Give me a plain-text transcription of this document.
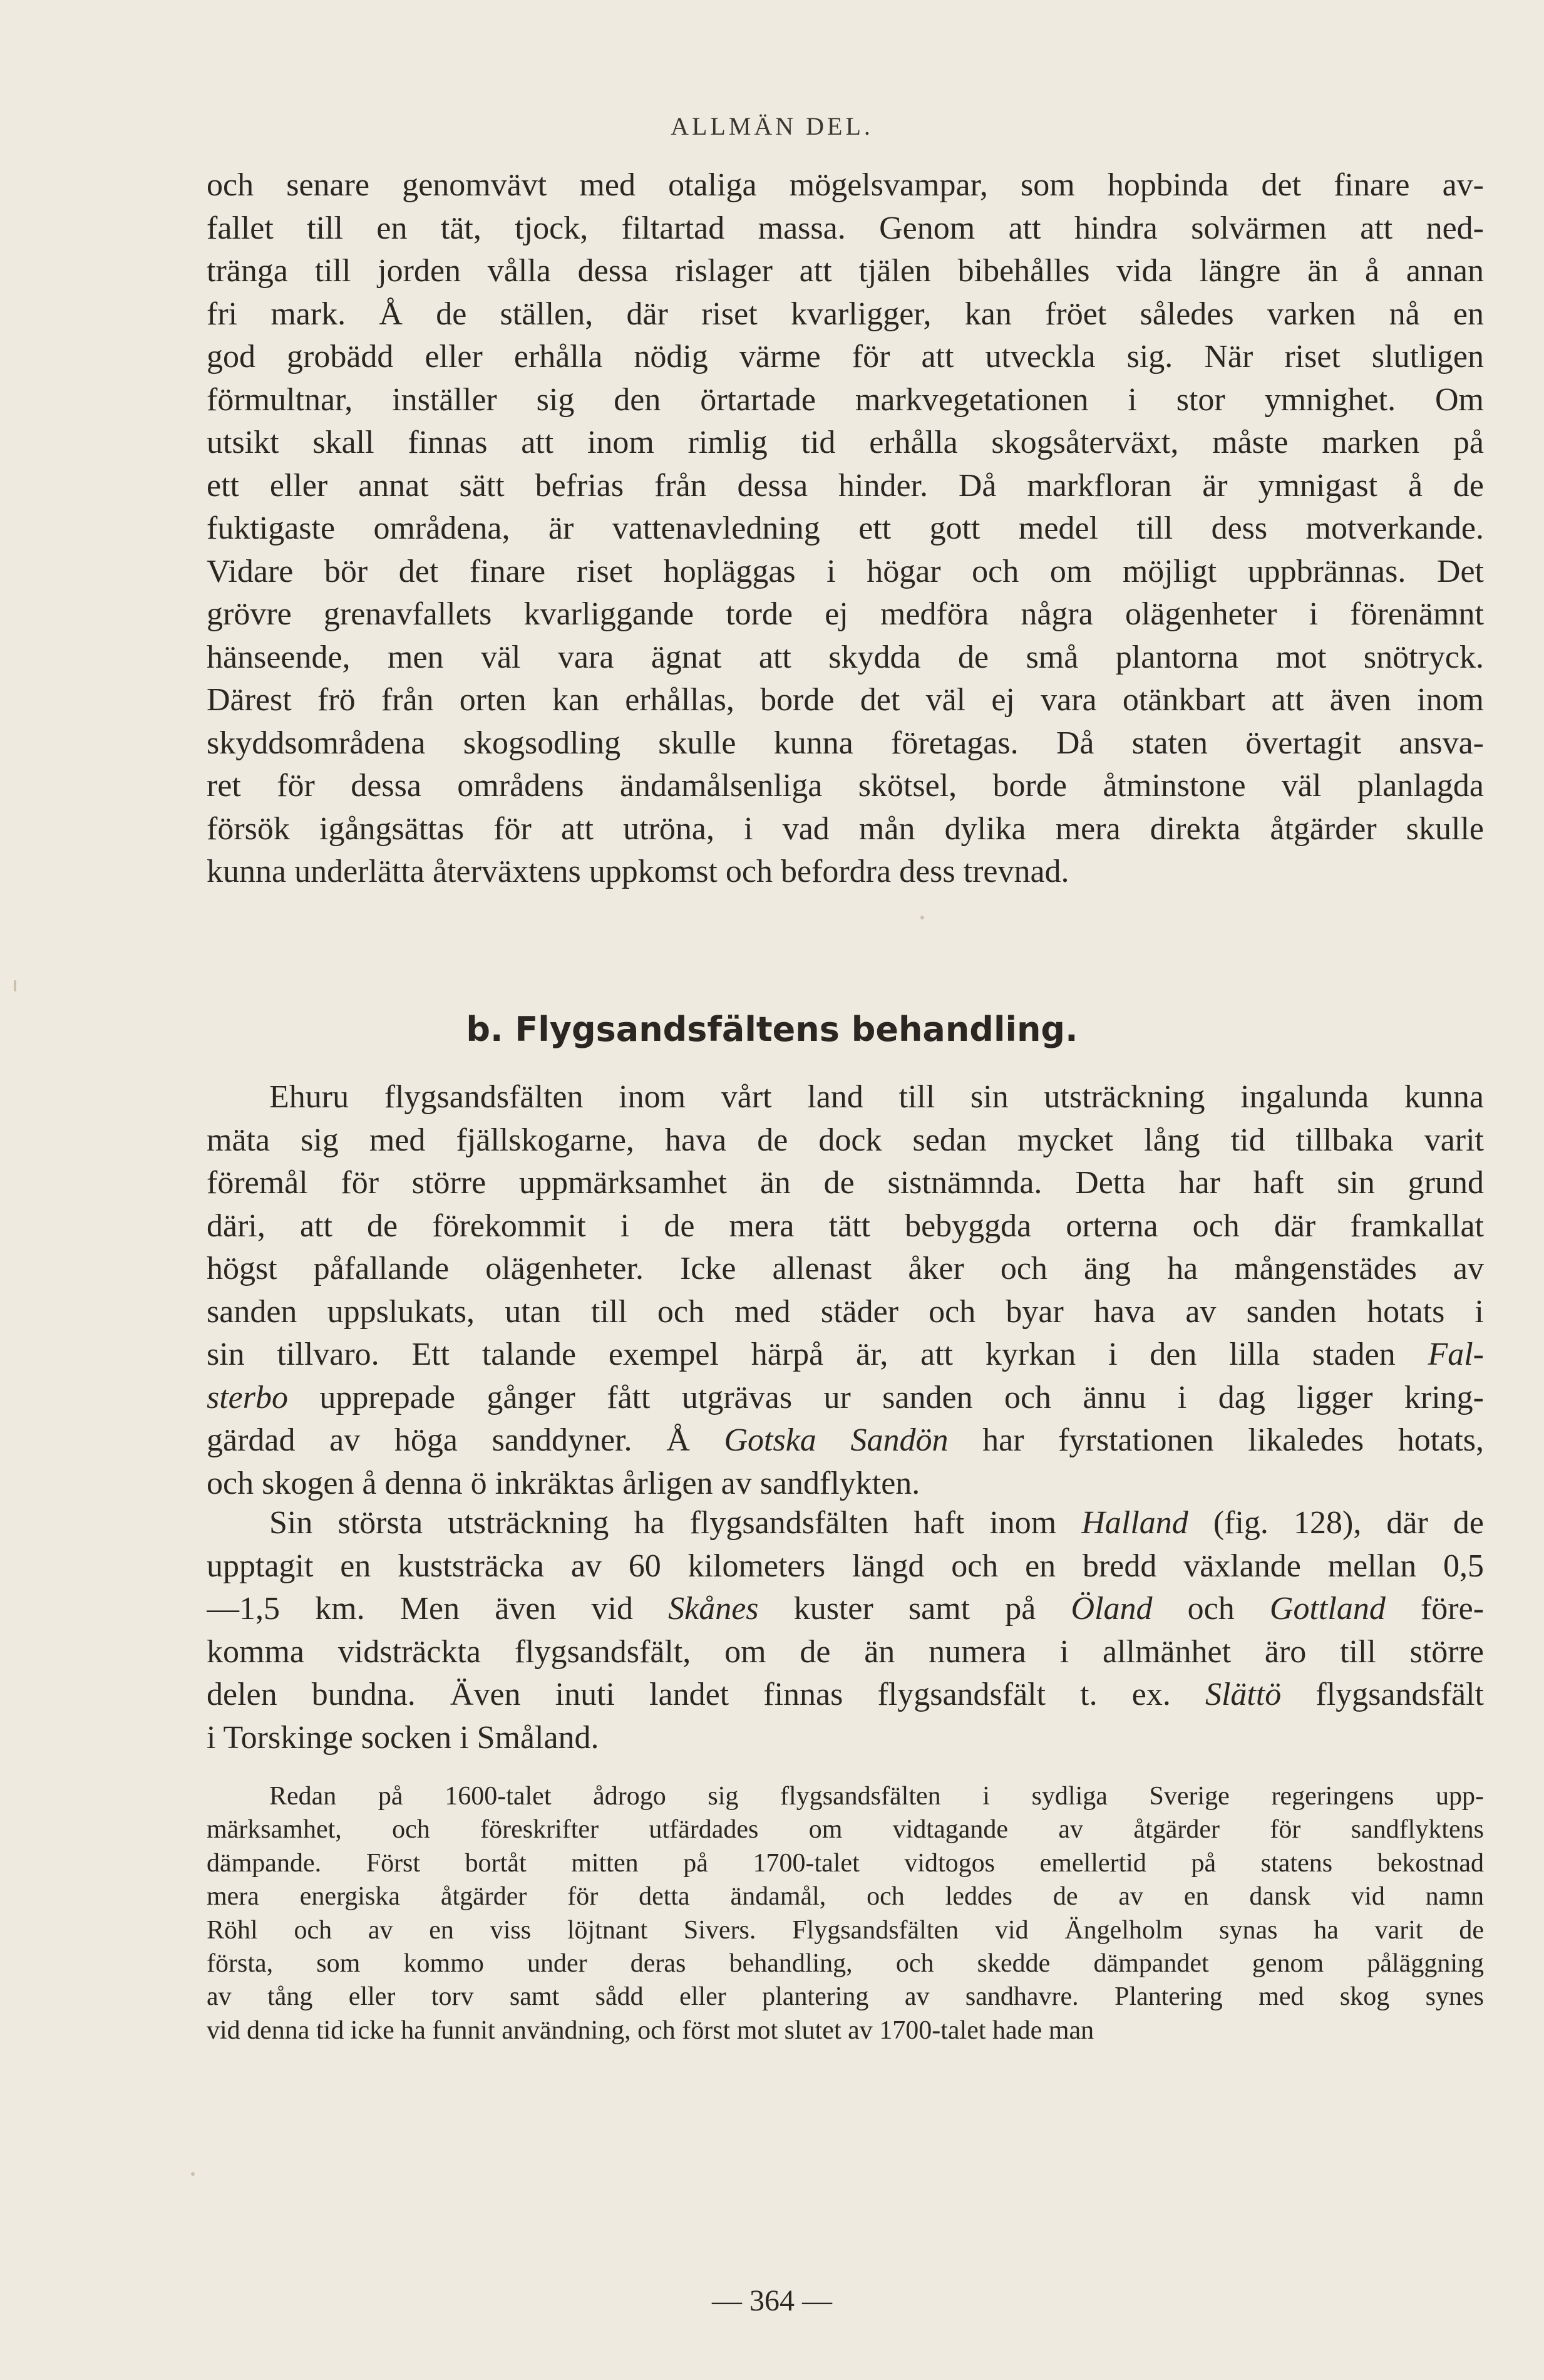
ALLMÄN DEL.

och senare genomvävt med otaliga mögelsvampar, som hopbinda det finare av-
fallet till en tät, tjock, filtartad massa. Genom att hindra solvärmen att ned-
tränga till jorden vålla dessa rislager att tjälen bibehålles vida längre än å annan
fri mark. Å de ställen, där riset kvarligger, kan fröet således varken nå en
god grobädd eller erhålla nödig värme för att utveckla sig. När riset slutligen
förmultnar, inställer sig den örtartade markvegetationen i stor ymnighet. Om
utsikt skall finnas att inom rimlig tid erhålla skogsåterväxt, måste marken på
ett eller annat sätt befrias från dessa hinder. Då markfloran är ymnigast å de
fuktigaste områdena, är vattenavledning ett gott medel till dess motverkande.
Vidare bör det finare riset hopläggas i högar och om möjligt uppbrännas. Det
grövre grenavfallets kvarliggande torde ej medföra några olägenheter i förenämnt
hänseende, men väl vara ägnat att skydda de små plantorna mot snötryck.
Därest frö från orten kan erhållas, borde det väl ej vara otänkbart att även inom
skyddsområdena skogsodling skulle kunna företagas. Då staten övertagit ansva-
ret för dessa områdens ändamålsenliga skötsel, borde åtminstone väl planlagda
försök igångsättas för att utröna, i vad mån dylika mera direkta åtgärder skulle
kunna underlätta återväxtens uppkomst och befordra dess trevnad.

b. Flygsandsfältens behandling.

Ehuru flygsandsfälten inom vårt land till sin utsträckning ingalunda kunna
mäta sig med fjällskogarne, hava de dock sedan mycket lång tid tillbaka varit
föremål för större uppmärksamhet än de sistnämnda. Detta har haft sin grund
däri, att de förekommit i de mera tätt bebyggda orterna och där framkallat
högst påfallande olägenheter. Icke allenast åker och äng ha mångenstädes av
sanden uppslukats, utan till och med städer och byar hava av sanden hotats i
sin tillvaro. Ett talande exempel härpå är, att kyrkan i den lilla staden Fal-
sterbo upprepade gånger fått utgrävas ur sanden och ännu i dag ligger kring-
gärdad av höga sanddyner. Å Gotska Sandön har fyrstationen likaledes hotats,
och skogen å denna ö inkräktas årligen av sandflykten.

Sin största utsträckning ha flygsandsfälten haft inom Halland (fig. 128), där de
upptagit en kuststräcka av 60 kilometers längd och en bredd växlande mellan 0,5
—1,5 km. Men även vid Skånes kuster samt på Öland och Gottland före-
komma vidsträckta flygsandsfält, om de än numera i allmänhet äro till större
delen bundna. Även inuti landet finnas flygsandsfält t. ex. Slättö flygsandsfält
i Torskinge socken i Småland.

Redan på 1600-talet ådrogo sig flygsandsfälten i sydliga Sverige regeringens upp-
märksamhet, och föreskrifter utfärdades om vidtagande av åtgärder för sandflyktens
dämpande. Först bortåt mitten på 1700-talet vidtogos emellertid på statens bekostnad
mera energiska åtgärder för detta ändamål, och leddes de av en dansk vid namn
Röhl och av en viss löjtnant Sivers. Flygsandsfälten vid Ängelholm synas ha varit de
första, som kommo under deras behandling, och skedde dämpandet genom påläggning
av tång eller torv samt sådd eller plantering av sandhavre. Plantering med skog synes
vid denna tid icke ha funnit användning, och först mot slutet av 1700-talet hade man

— 364 —
